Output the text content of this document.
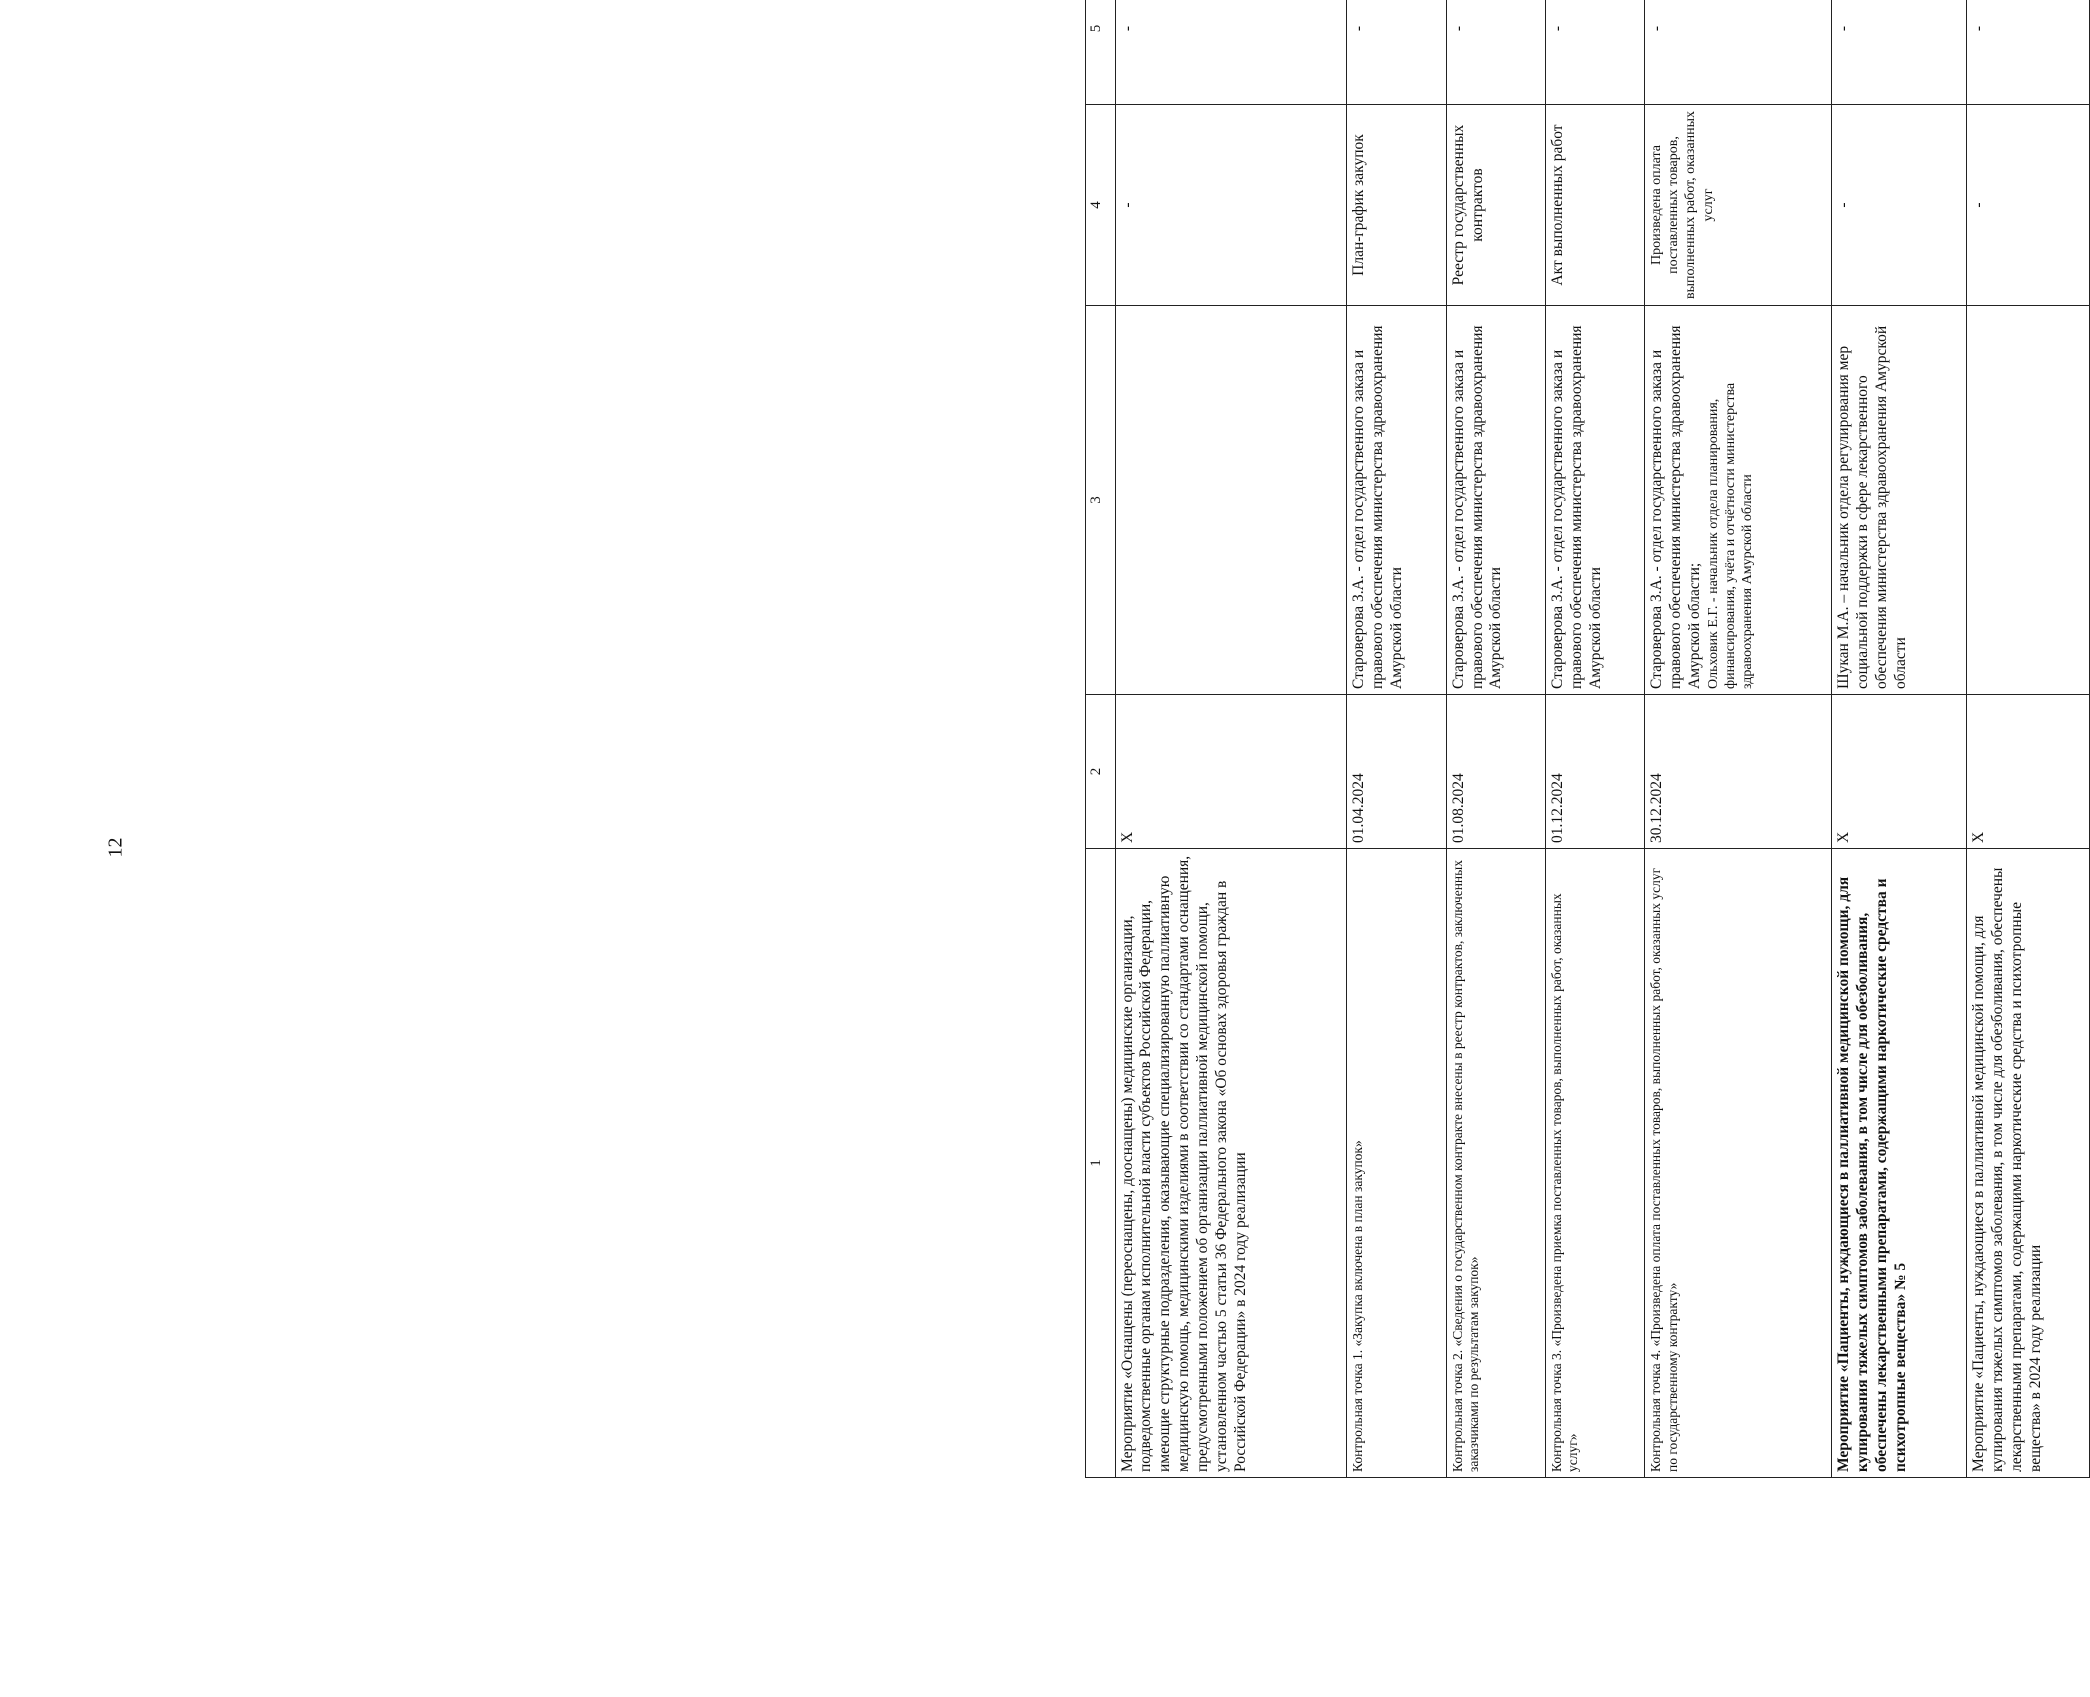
12
1	2	3	4	5
Мероприятие «Оснащены (переоснащены, дооснащены) медицинские организации, подведомственные органам исполнительной власти субъектов Российской Федерации, имеющие структурные подразделения, оказывающие специализированную паллиативную медицинскую помощь, медицинскими изделиями в соответствии со стандартами оснащения, предусмотренными положением об организации паллиативной медицинской помощи, установленном частью 5 статьи 36 Федерального закона «Об основах здоровья граждан в Российской Федерации» в 2024 году реализации	X		-	-
Контрольная точка 1. «Закупка включена в план закупок»	01.04.2024	Староверова З.А. - отдел государственного заказа и правового обеспечения министерства здравоохранения Амурской области	План-график закупок	-
Контрольная точка 2. «Сведения о государственном контракте внесены в реестр контрактов, заключенных заказчиками по результатам закупок»	01.08.2024	Староверова З.А. - отдел государственного заказа и правового обеспечения министерства здравоохранения Амурской области	Реестр государственных контрактов	-
Контрольная точка 3. «Произведена приемка поставленных товаров, выполненных работ, оказанных услуг»	01.12.2024	Староверова З.А. - отдел государственного заказа и правового обеспечения министерства здравоохранения Амурской области	Акт выполненных работ	-
Контрольная точка 4. «Произведена оплата поставленных товаров, выполненных работ, оказанных услуг по государственному контракту»	30.12.2024	Староверова З.А. - отдел государственного заказа и правового обеспечения министерства здравоохранения Амурской области; Ольховик Е.Г. - начальник отдела планирования, финансирования, учёта и отчётности министерства здравоохранения Амурской области	Произведена оплата поставленных товаров, выполненных работ, оказанных услуг	-
Мероприятие «Пациенты, нуждающиеся в паллиативной медицинской помощи, для купирования тяжелых симптомов заболевания, в том числе для обезболивания, обеспечены лекарственными препаратами, содержащими наркотические средства и психотропные вещества» № 5	X	Шукан М.А. – начальник отдела регулирования мер социальной поддержки в сфере лекарственного обеспечения министерства здравоохранения Амурской области	-	-
Мероприятие «Пациенты, нуждающиеся в паллиативной медицинской помощи, для купирования тяжелых симптомов заболевания, в том числе для обезболивания, обеспечены лекарственными препаратами, содержащими наркотические средства и психотропные вещества» в 2024 году реализации	X		-	-
